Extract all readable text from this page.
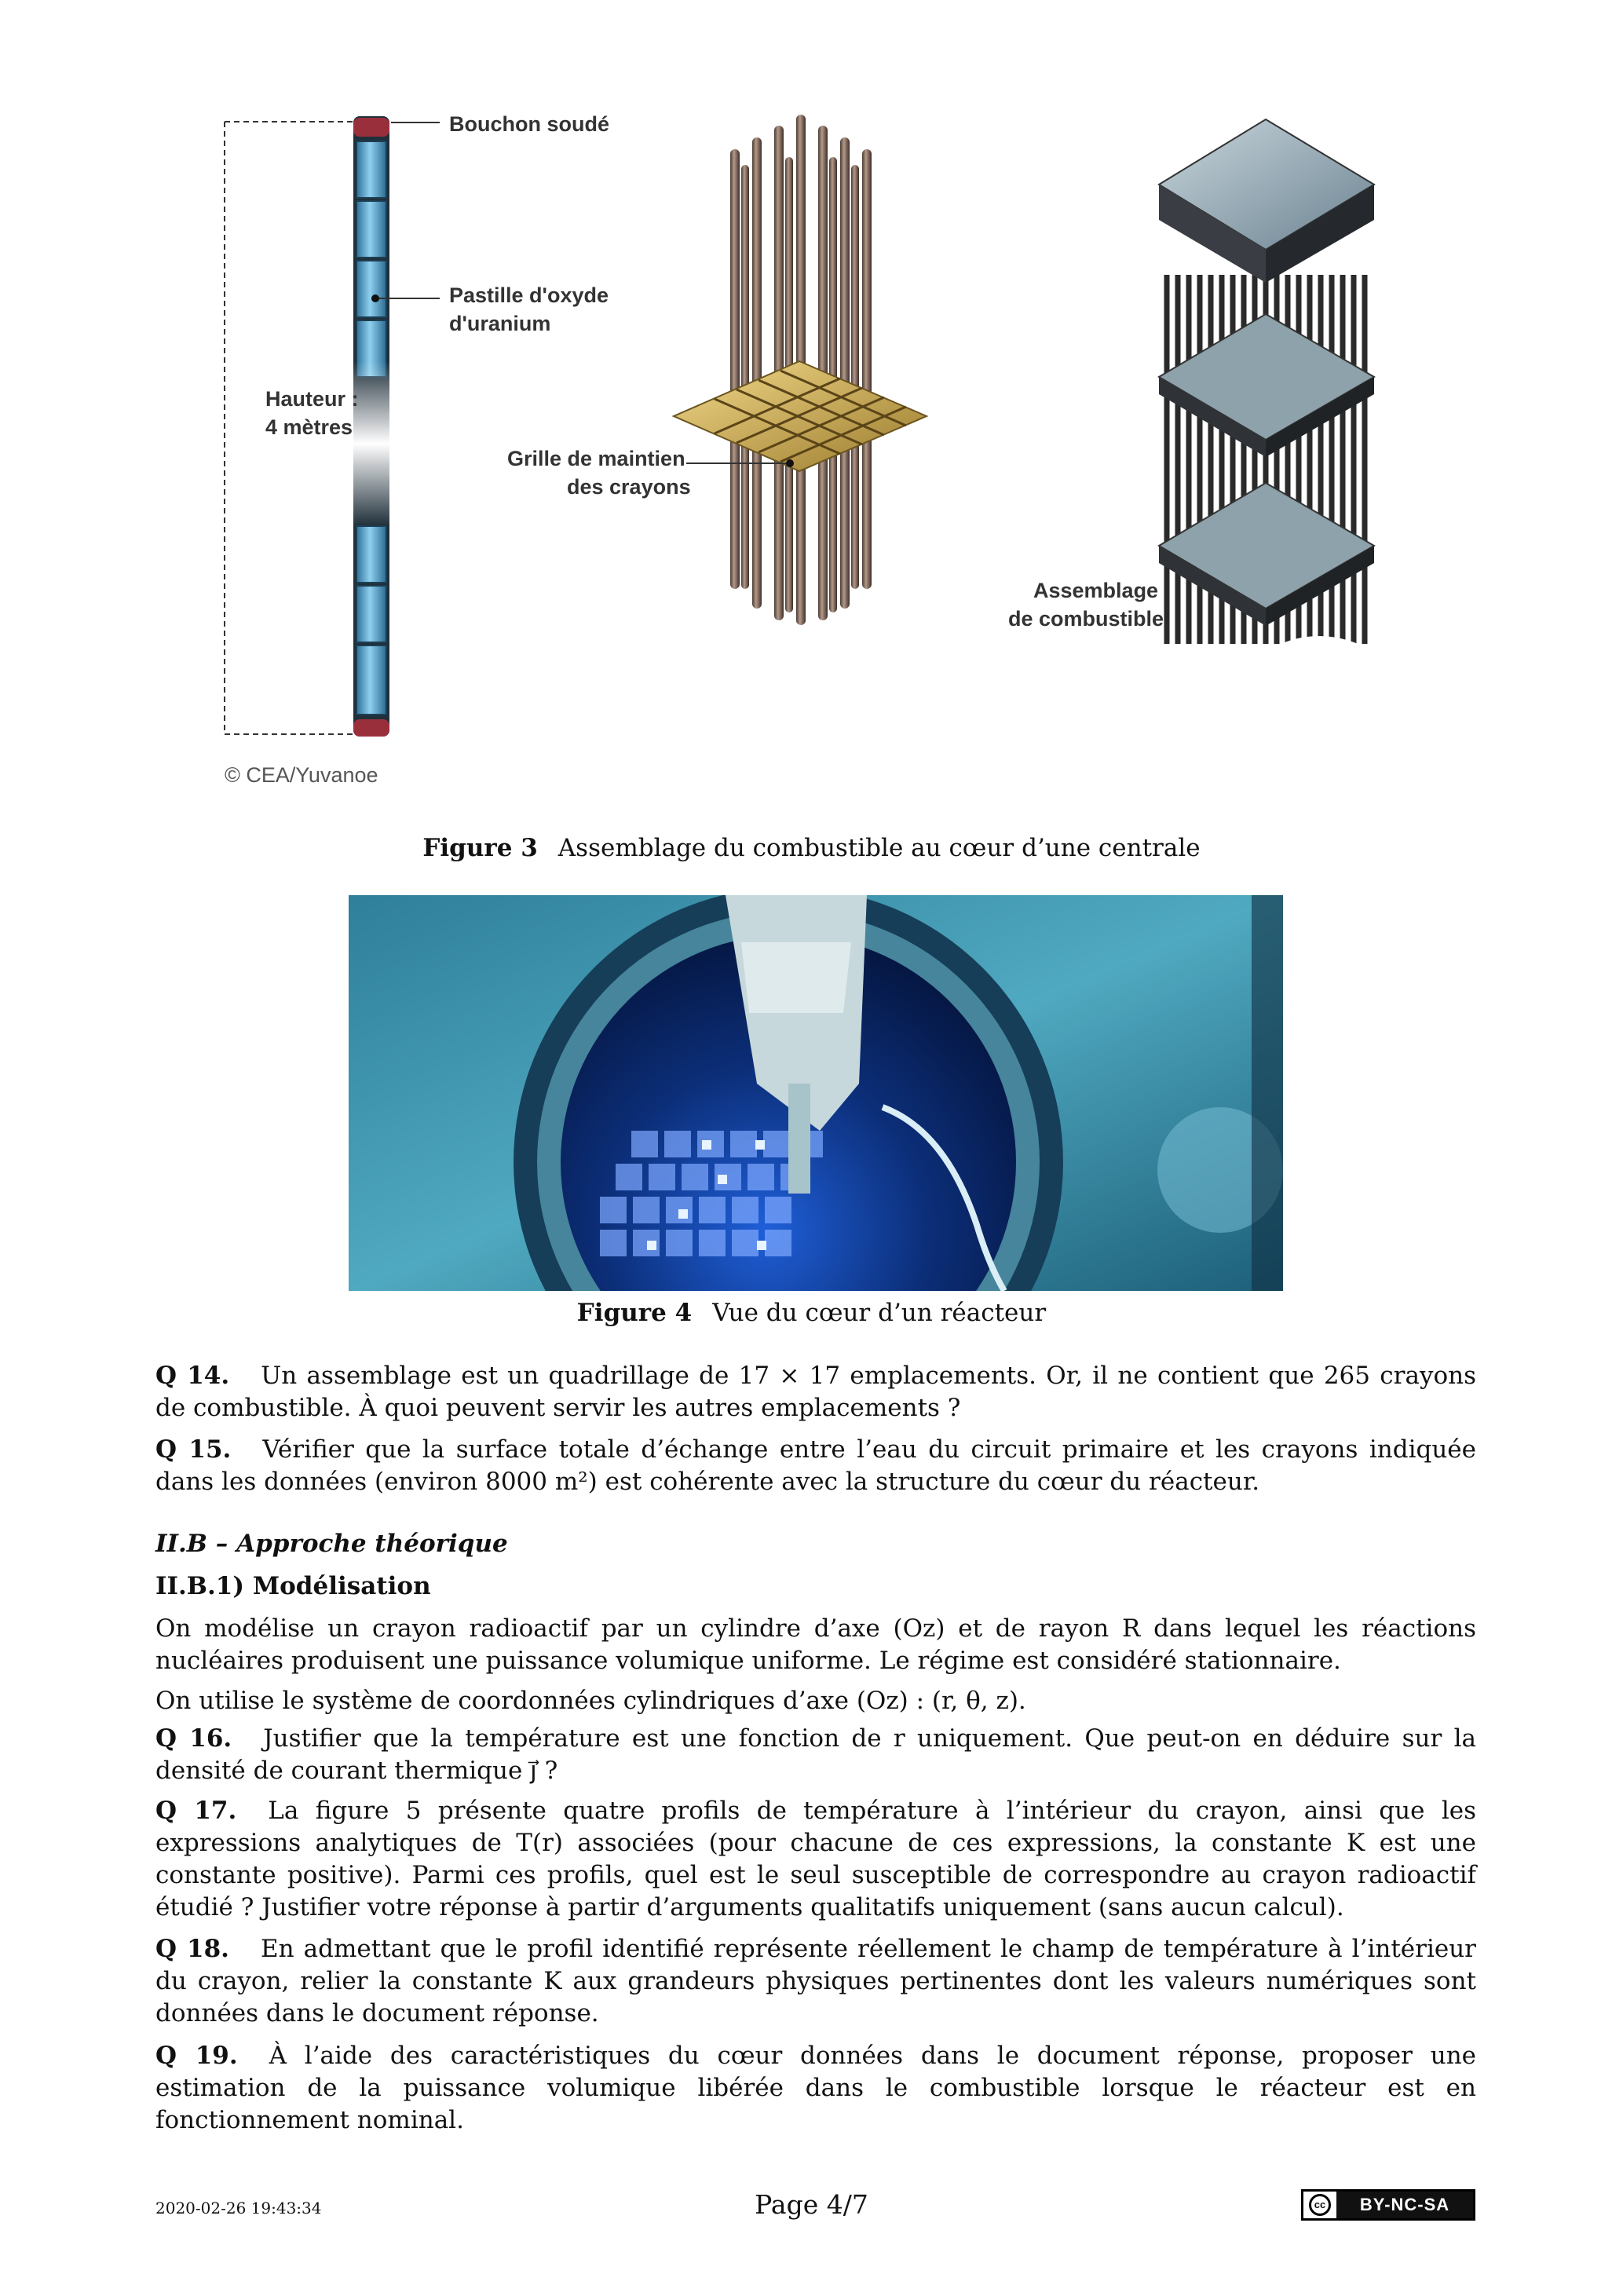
Bouchon soudé
Pastille d'oxyde
d'uranium
Hauteur :
4 mètres
Grille de maintien
des crayons
Assemblage
de combustible
© CEA/Yuvanoe
Figure 3 Assemblage du combustible au cœur d’une centrale
Figure 4 Vue du cœur d’un réacteur
Q 14. Un assemblage est un quadrillage de 17 × 17 emplacements. Or, il ne contient que 265 crayons de combustible. À quoi peuvent servir les autres emplacements ?
Q 15. Vérifier que la surface totale d’échange entre l’eau du circuit primaire et les crayons indiquée dans les données (environ 8000 m²) est cohérente avec la structure du cœur du réacteur.
II.B – Approche théorique
II.B.1) Modélisation
On modélise un crayon radioactif par un cylindre d’axe (Oz) et de rayon R dans lequel les réactions nucléaires produisent une puissance volumique uniforme. Le régime est considéré stationnaire.
On utilise le système de coordonnées cylindriques d’axe (Oz) : (r, θ, z).
Q 16. Justifier que la température est une fonction de r uniquement. Que peut-on en déduire sur la densité de courant thermique j⃗ ?
Q 17. La figure 5 présente quatre profils de température à l’intérieur du crayon, ainsi que les expressions analytiques de T(r) associées (pour chacune de ces expressions, la constante K est une constante positive). Parmi ces profils, quel est le seul susceptible de correspondre au crayon radioactif étudié ? Justifier votre réponse à partir d’arguments qualitatifs uniquement (sans aucun calcul).
Q 18. En admettant que le profil identifié représente réellement le champ de température à l’intérieur du crayon, relier la constante K aux grandeurs physiques pertinentes dont les valeurs numériques sont données dans le document réponse.
Q 19. À l’aide des caractéristiques du cœur données dans le document réponse, proposer une estimation de la puissance volumique libérée dans le combustible lorsque le réacteur est en fonctionnement nominal.
2020-02-26 19:43:34	Page 4/7	cc	BY-NC-SA
